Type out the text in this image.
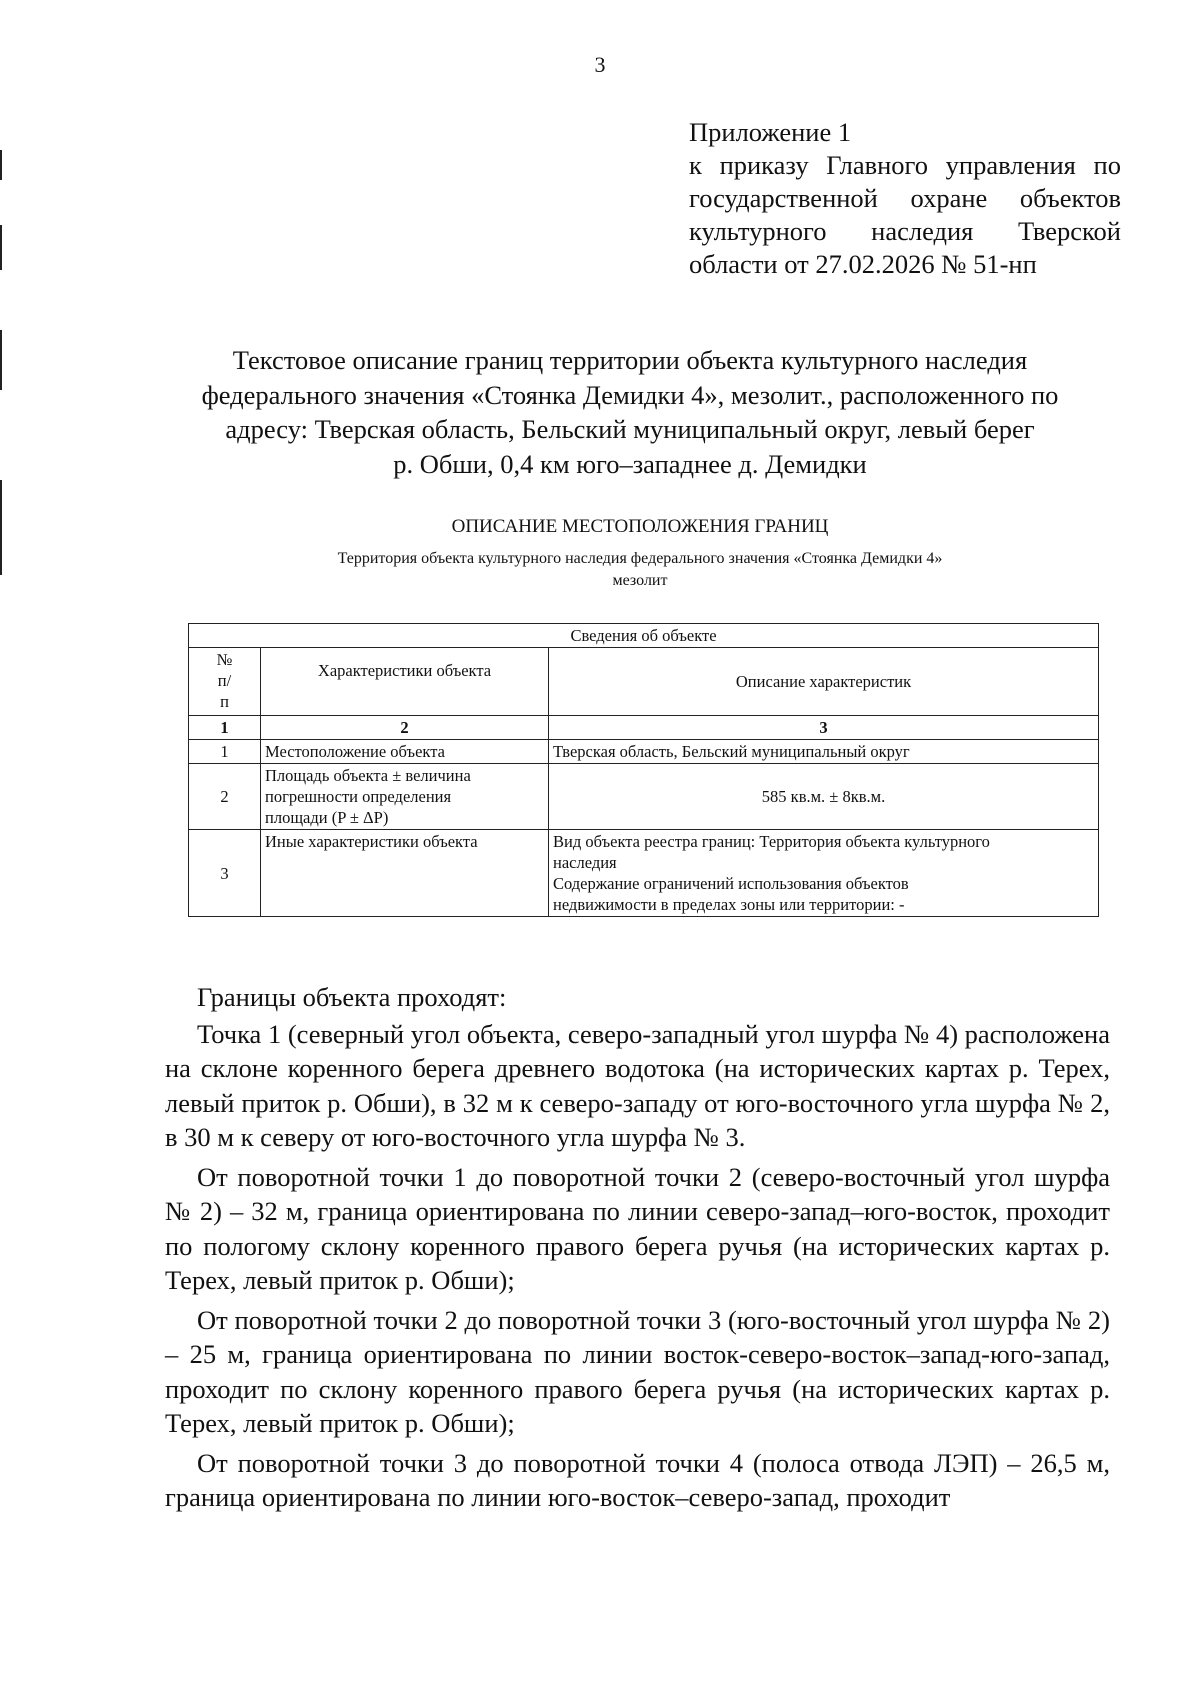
3
Приложение 1
к приказу Главного управления по
государственной охране объектов
культурного наследия Тверской
области от 27.02.2026 № 51-нп
Текстовое описание границ территории объекта культурного наследия
федерального значения «Стоянка Демидки 4», мезолит., расположенного по
адресу: Тверская область, Бельский муниципальный округ, левый берег
р. Обши, 0,4 км юго–западнее д. Демидки
ОПИСАНИЕ МЕСТОПОЛОЖЕНИЯ ГРАНИЦ
Территория объекта культурного наследия федерального значения «Стоянка Демидки 4»
мезолит
Сведения об объекте		

№
п/
п	Характеристики объекта	Описание характеристик
1	2	3
1	Местоположение объекта	Тверская область, Бельский муниципальный округ

2	Площадь объекта ± величина
погрешности определения
площади (P ± ΔP)	585 кв.м. ± 8кв.м.

3	Иные характеристики объекта	Вид объекта реестра границ: Территория объекта культурного
наследия
Содержание ограничений использования объектов
недвижимости в пределах зоны или территории: -

Границы объекта проходят:

Точка 1 (северный угол объекта, северо-западный угол шурфа № 4) расположена на склоне коренного берега древнего водотока (на исторических картах р. Терех, левый приток р. Обши), в 32 м к северо-западу от юго-восточного угла шурфа № 2, в 30 м к северу от юго-восточного угла шурфа № 3.

От поворотной точки 1 до поворотной точки 2 (северо-восточный угол шурфа № 2) – 32 м, граница ориентирована по линии северо-запад–юго-восток, проходит по пологому склону коренного правого берега ручья (на исторических картах р. Терех, левый приток р. Обши);

От поворотной точки 2 до поворотной точки 3 (юго-восточный угол шурфа № 2) – 25 м, граница ориентирована по линии восток-северо-восток–запад-юго-запад, проходит по склону коренного правого берега ручья (на исторических картах р. Терех, левый приток р. Обши);

От поворотной точки 3 до поворотной точки 4 (полоса отвода ЛЭП) – 26,5 м, граница ориентирована по линии юго-восток–северо-запад, проходит
